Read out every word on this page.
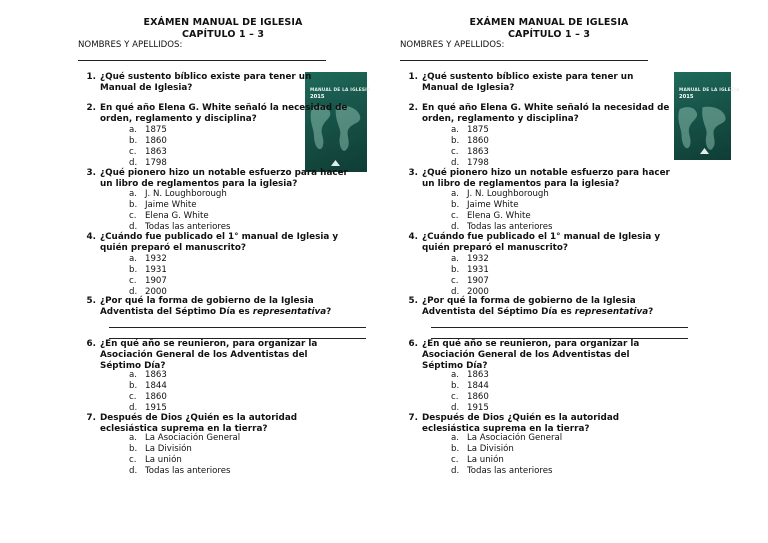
EXÁMEN MANUAL DE IGLESIA
CAPÍTULO 1 – 3
NOMBRES Y APELLIDOS:
MANUAL DE LA IGLESIA
2015
1. ¿Qué sustento bíblico existe para tener un
Manual de Iglesia?
2. En qué año Elena G. White señaló la necesidad de
orden, reglamento y disciplina?
a. 1875
b. 1860
c. 1863
d. 1798
3. ¿Qué pionero hizo un notable esfuerzo para hacer
un libro de reglamentos para la iglesia?
a. J. N. Loughborough
b. Jaime White
c. Elena G. White
d. Todas las anteriores
4. ¿Cuándo fue publicado el 1° manual de Iglesia y
quién preparó el manuscrito?
a. 1932
b. 1931
c. 1907
d. 2000
5. ¿Por qué la forma de gobierno de la Iglesia
Adventista del Séptimo Día es representativa?
6. ¿En qué año se reunieron, para organizar la
Asociación General de los Adventistas del
Séptimo Día?
a. 1863
b. 1844
c. 1860
d. 1915
7. Después de Dios ¿Quién es la autoridad
eclesiástica suprema en la tierra?
a. La Asociación General
b. La División
c. La unión
d. Todas las anteriores
EXÁMEN MANUAL DE IGLESIA
CAPÍTULO 1 – 3
NOMBRES Y APELLIDOS:
MANUAL DE LA IGLESIA
2015
1. ¿Qué sustento bíblico existe para tener un
Manual de Iglesia?
2. En qué año Elena G. White señaló la necesidad de
orden, reglamento y disciplina?
a. 1875
b. 1860
c. 1863
d. 1798
3. ¿Qué pionero hizo un notable esfuerzo para hacer
un libro de reglamentos para la iglesia?
a. J. N. Loughborough
b. Jaime White
c. Elena G. White
d. Todas las anteriores
4. ¿Cuándo fue publicado el 1° manual de Iglesia y
quién preparó el manuscrito?
a. 1932
b. 1931
c. 1907
d. 2000
5. ¿Por qué la forma de gobierno de la Iglesia
Adventista del Séptimo Día es representativa?
6. ¿En qué año se reunieron, para organizar la
Asociación General de los Adventistas del
Séptimo Día?
a. 1863
b. 1844
c. 1860
d. 1915
7. Después de Dios ¿Quién es la autoridad
eclesiástica suprema en la tierra?
a. La Asociación General
b. La División
c. La unión
d. Todas las anteriores
